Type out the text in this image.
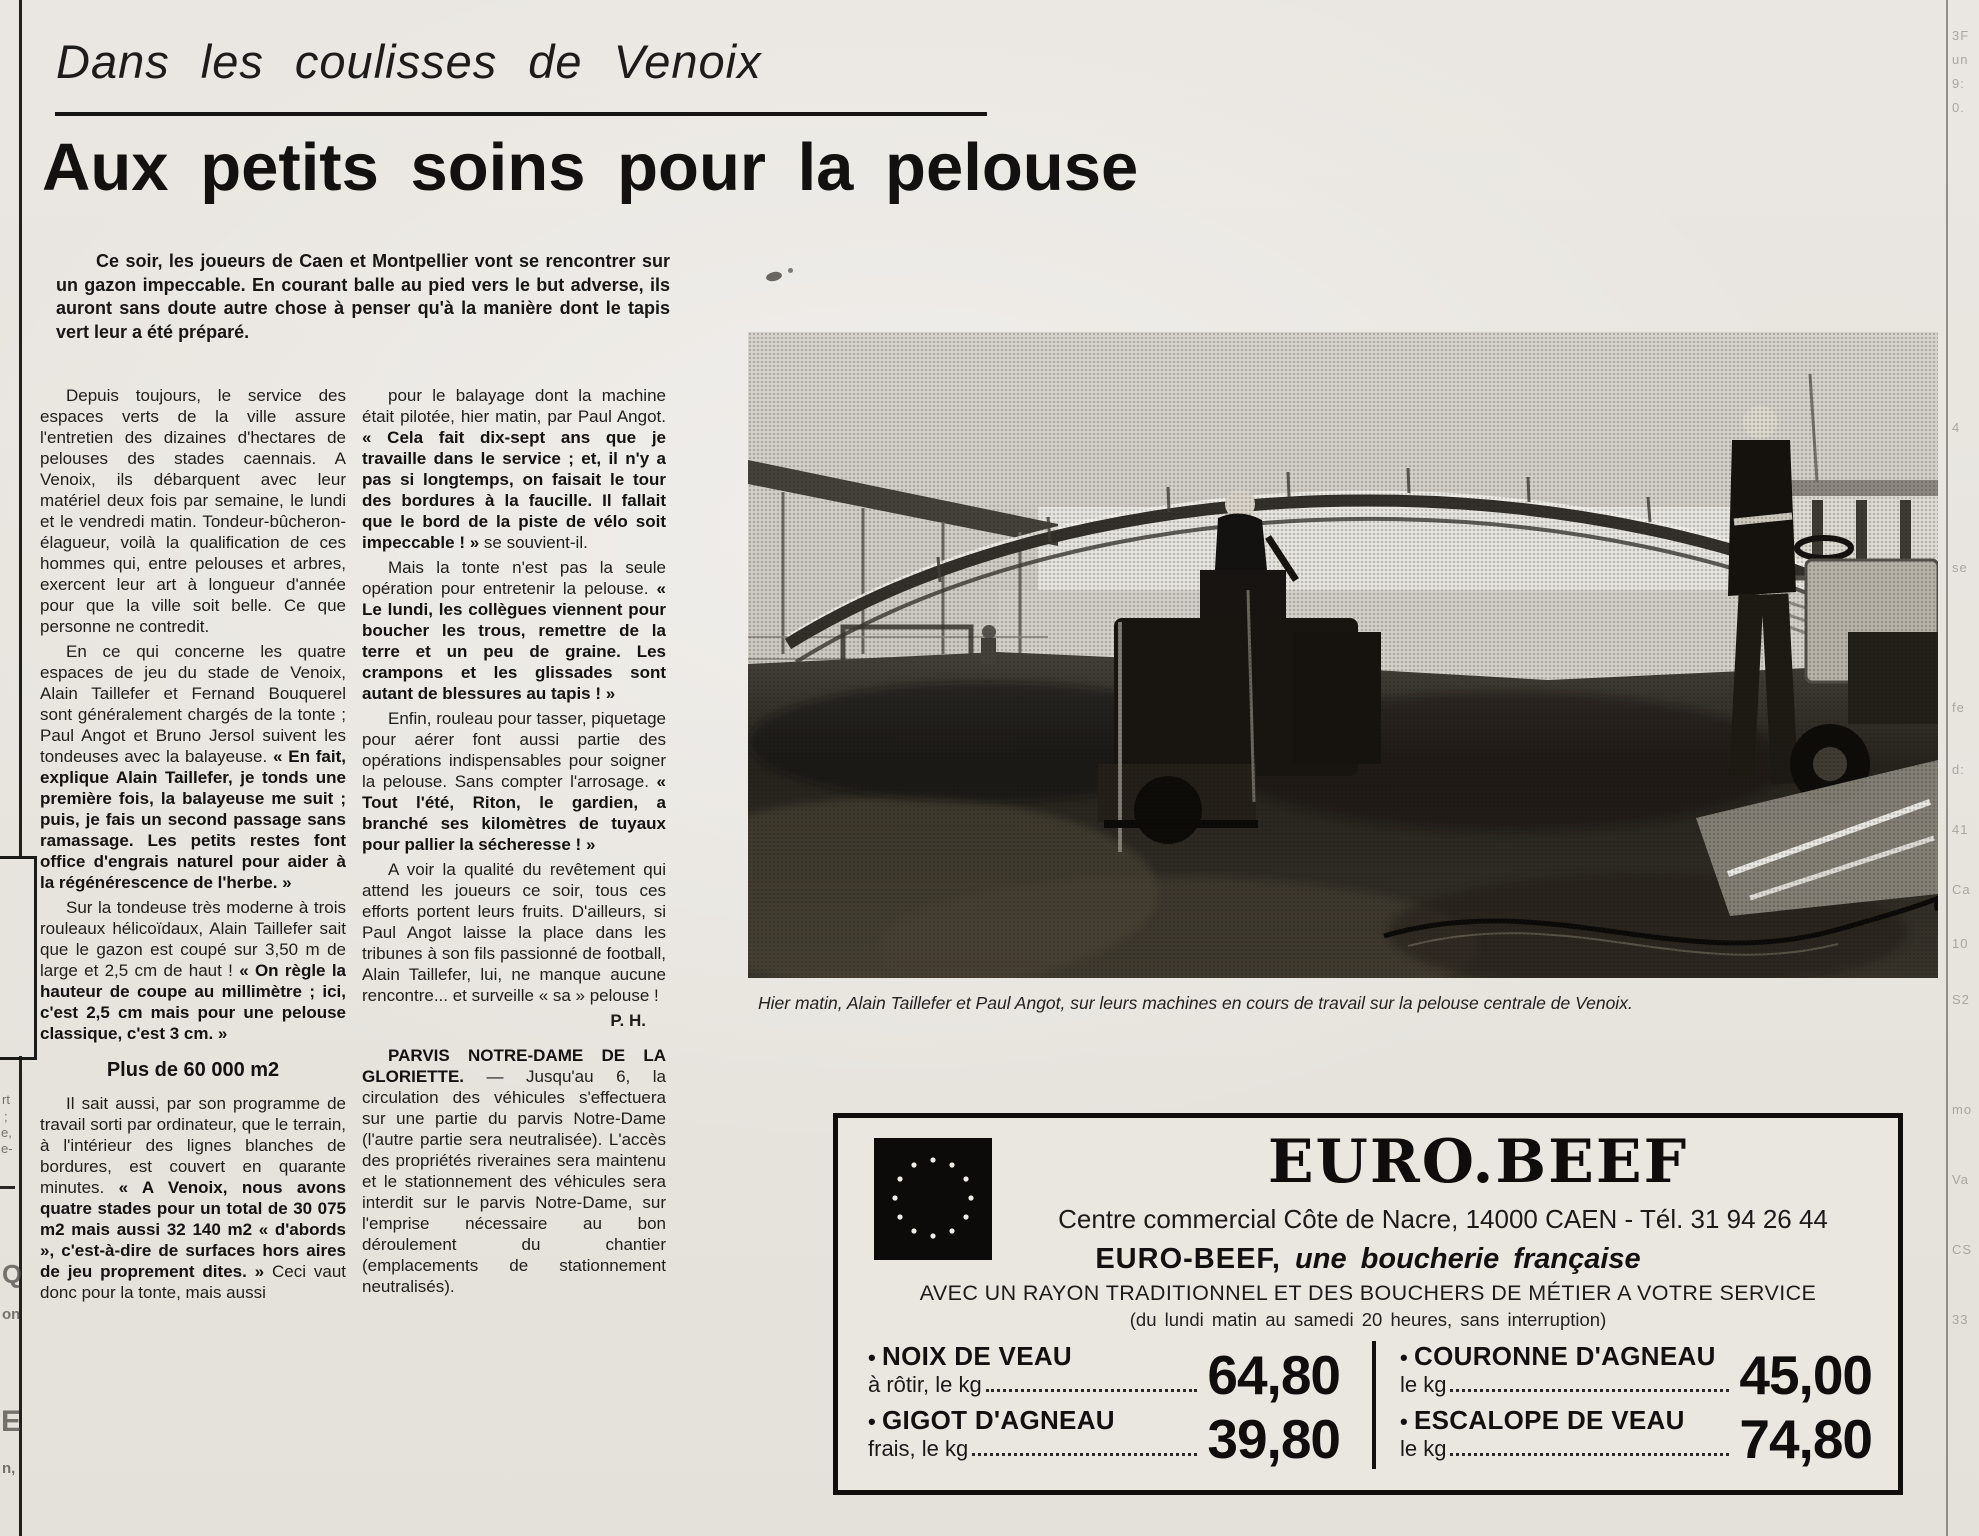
rt
;
e,
e-
Q
on
E
n,
3F
un
9:
0.
4
se
fe
d:
41
Ca
10
S2
mo
Va
CS
33
Dans les coulisses de Venoix
Aux petits soins pour la pelouse
Ce soir, les joueurs de Caen et Montpellier vont se rencontrer sur un gazon impeccable. En courant balle au pied vers le but adverse, ils auront sans doute autre chose à penser qu'à la manière dont le tapis vert leur a été préparé.

Depuis toujours, le service des espaces verts de la ville assure l'entretien des dizaines d'hectares de pelouses des stades caennais. A Venoix, ils débarquent avec leur matériel deux fois par semaine, le lundi et le vendredi matin. Tondeur-bûcheron-élagueur, voilà la qualification de ces hommes qui, entre pelouses et arbres, exercent leur art à longueur d'année pour que la ville soit belle. Ce que personne ne contredit.

En ce qui concerne les quatre espaces de jeu du stade de Venoix, Alain Taillefer et Fernand Bouquerel sont généralement chargés de la tonte ; Paul Angot et Bruno Jersol suivent les tondeuses avec la balayeuse. « En fait, explique Alain Taillefer, je tonds une première fois, la balayeuse me suit ; puis, je fais un second passage sans ramassage. Les petits restes font office d'engrais naturel pour aider à la régénérescence de l'herbe. »

Sur la tondeuse très moderne à trois rouleaux hélicoïdaux, Alain Taillefer sait que le gazon est coupé sur 3,50 m de large et 2,5 cm de haut ! « On règle la hauteur de coupe au millimètre ; ici, c'est 2,5 cm mais pour une pelouse classique, c'est 3 cm. »

Plus de 60 000 m2

Il sait aussi, par son programme de travail sorti par ordinateur, que le terrain, à l'intérieur des lignes blanches de bordures, est couvert en quarante minutes. « A Venoix, nous avons quatre stades pour un total de 30 075 m2 mais aussi 32 140 m2 « d'abords », c'est-à-dire de surfaces hors aires de jeu proprement dites. » Ceci vaut donc pour la tonte, mais aussi

pour le balayage dont la machine était pilotée, hier matin, par Paul Angot. « Cela fait dix-sept ans que je travaille dans le service ; et, il n'y a pas si longtemps, on faisait le tour des bordures à la faucille. Il fallait que le bord de la piste de vélo soit impeccable ! » se souvient-il.

Mais la tonte n'est pas la seule opération pour entretenir la pelouse. « Le lundi, les collègues viennent pour boucher les trous, remettre de la terre et un peu de graine. Les crampons et les glissades sont autant de blessures au tapis ! »

Enfin, rouleau pour tasser, piquetage pour aérer font aussi partie des opérations indispensables pour soigner la pelouse. Sans compter l'arrosage. « Tout l'été, Riton, le gardien, a branché ses kilomètres de tuyaux pour pallier la sécheresse ! »

A voir la qualité du revêtement qui attend les joueurs ce soir, tous ces efforts portent leurs fruits. D'ailleurs, si Paul Angot laisse la place dans les tribunes à son fils passionné de football, Alain Taillefer, lui, ne manque aucune rencontre... et surveille « sa » pelouse !

P. H.

PARVIS NOTRE-DAME DE LA GLORIETTE. — Jusqu'au 6, la circulation des véhicules s'effectuera sur une partie du parvis Notre-Dame (l'autre partie sera neutralisée). L'accès des propriétés riveraines sera maintenu et le stationnement des véhicules sera interdit sur le parvis Notre-Dame, sur l'emprise nécessaire au bon déroulement du chantier (emplacements de stationnement neutralisés).

Hier matin, Alain Taillefer et Paul Angot, sur leurs machines en cours de travail sur la pelouse centrale de Venoix.
EURO.BEEF
Centre commercial Côte de Nacre, 14000 CAEN - Tél. 31 94 26 44
EURO-BEEF, une boucherie française
AVEC UN RAYON TRADITIONNEL ET DES BOUCHERS DE MÉTIER A VOTRE SERVICE
(du lundi matin au samedi 20 heures, sans interruption)
• NOIX DE VEAU
à rôtir, le kg	64,80
• GIGOT D'AGNEAU
frais, le kg	39,80
• COURONNE D'AGNEAU
le kg	45,00
• ESCALOPE DE VEAU
le kg	74,80
